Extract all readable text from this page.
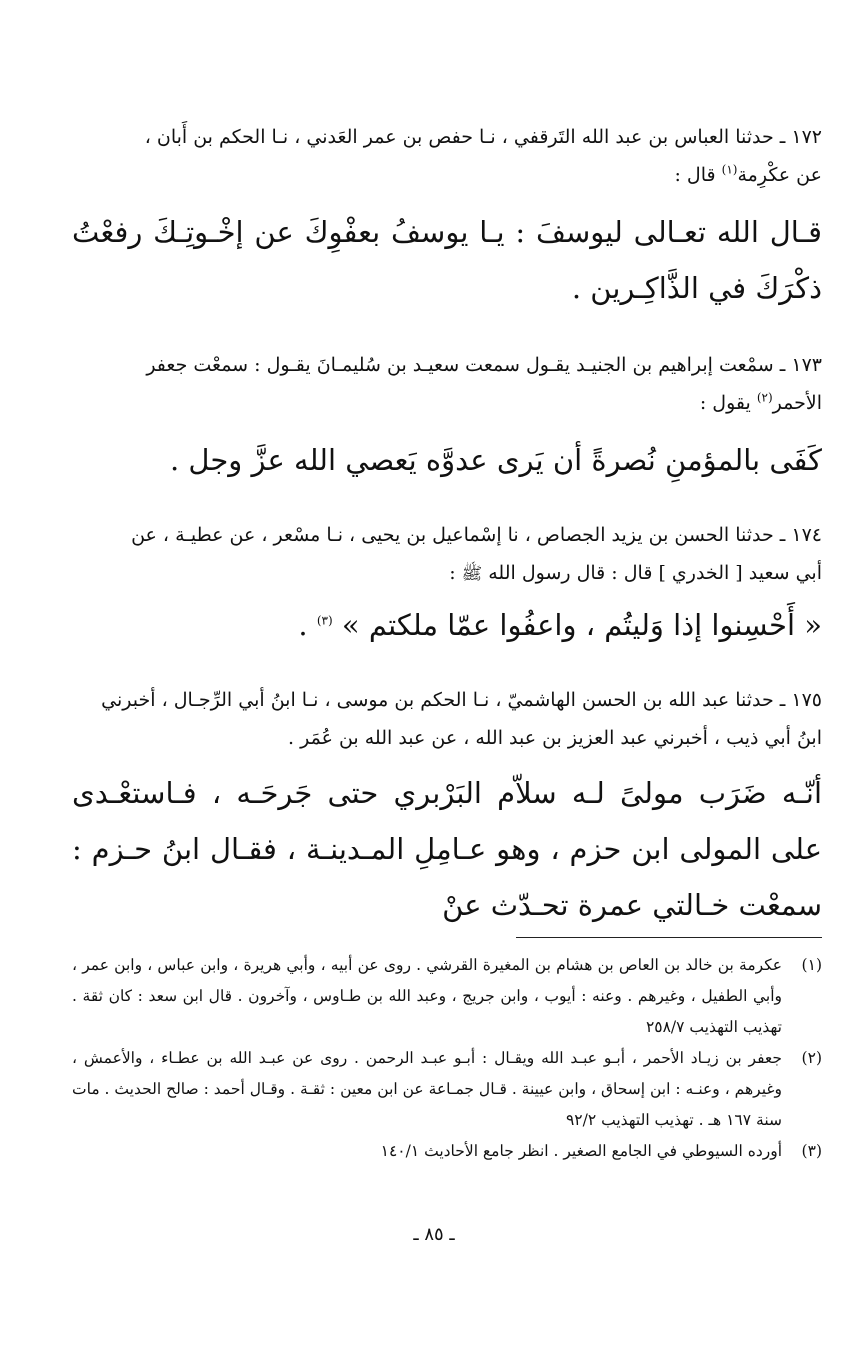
١٧٢ ـ حدثنا العباس بن عبد الله التَرقفي ، نـا حفص بن عمر العَدني ، نـا الحكم بن أَبان ،
عن عكْرِمة$^{(١)}$ قال :
قـال الله تعـالى ليوسفَ : يـا يوسفُ بعفْوِكَ عن إخْـوتِـكَ رفعْتُ ذكْرَكَ في الذَّاكِـرين .
١٧٣ ـ سمْعت إبراهيم بن الجنيـد يقـول سمعت سعيـد بن سُليمـانَ يقـول : سمعْت جعفر
الأحمر$^{(٢)}$ يقول :
كَفَى بالمؤمنِ نُصرةً أن يَرى عدوَّه يَعصي الله عزَّ وجل .
١٧٤ ـ حدثنا الحسن بن يزيد الجصاص ، نا إسْماعيل بن يحيى ، نـا مسْعر ، عن عطيـة ، عن
أبي سعيد [ الخدري ] قال : قال رسول الله ﷺ :
« أَحْسِنوا إذا وَليتُم ، واعفُوا عمّا ملكتم » $^{(٣)}$ .
١٧٥ ـ حدثنا عبد الله بن الحسن الهاشميّ ، نـا الحكم بن موسى ، نـا ابنُ أبي الرِّجـال ، أخبرني
ابنُ أبي ذيب ، أخبرني عبد العزيز بن عبد الله ، عن عبد الله بن عُمَر .
أنّـه ضَرَب مولىً لـه سلاّم البَرْبري حتى جَرحَـه ، فـاستعْـدى على المولى ابن حزم ، وهو عـامِلِ المـدينـة ، فقـال ابنُ حـزم : سمعْت خـالتي عمرة تحـدّث عنْ
(١)
عكرمة بن خالد بن العاص بن هشام بن المغيرة القرشي . روى عن أبيه ، وأبي هريرة ، وابن عباس ، وابن عمر ، وأبي الطفيل ، وغيرهم . وعنه : أيوب ، وابن جريج ، وعبد الله بن طـاوس ، وآخرون . قال ابن سعد : كان ثقة . تهذيب التهذيب ٢٥٨/٧
(٢)
جعفر بن زيـاد الأحمر ، أبـو عبـد الله ويقـال : أبـو عبـد الرحمن . روى عن عبـد الله بن عطـاء ، والأعمش ، وغيرهم ، وعنـه : ابن إسحاق ، وابن عيينة . قـال جمـاعة عن ابن معين : ثقـة . وقـال أحمد : صالح الحديث . مات سنة ١٦٧ هـ . تهذيب التهذيب ٩٢/٢
(٣)
أورده السيوطي في الجامع الصغير . انظر جامع الأحاديث ١٤٠/١
ـ ٨٥ ـ
